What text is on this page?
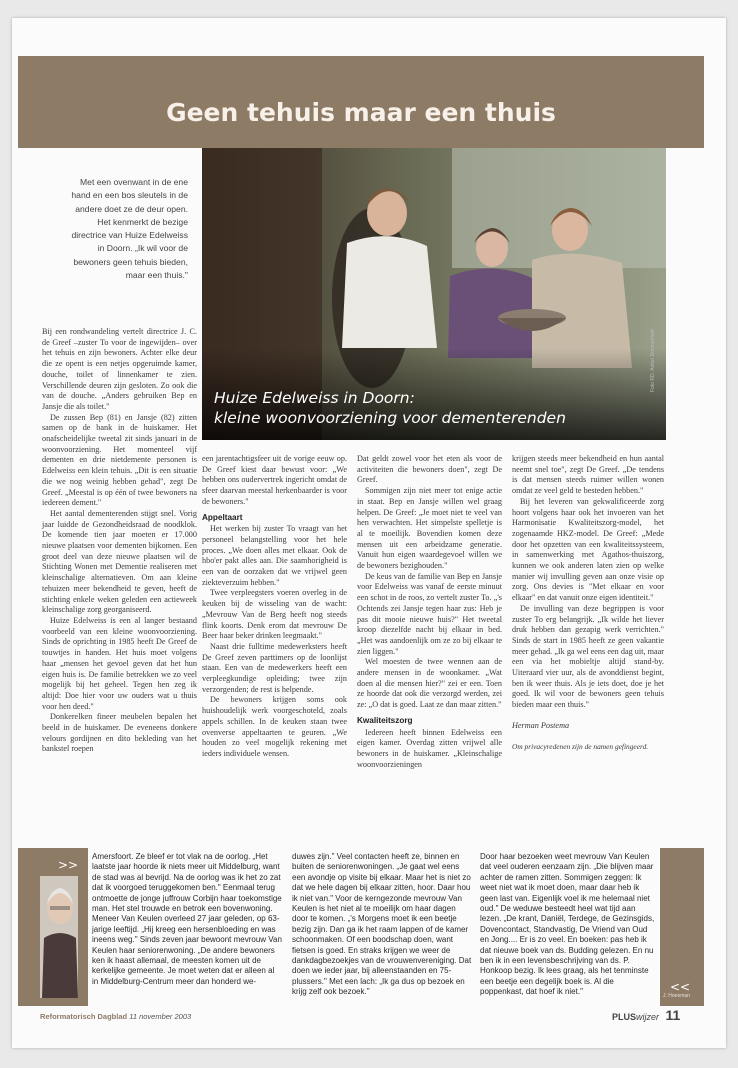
Geen tehuis maar een thuis

Huize Edelweiss in Doorn:
kleine woonvoorziening voor dementerenden

Foto RD, Anton Dommerholt

Met een ovenwant in de ene hand en een bos sleutels in de andere doet ze de deur open. Het kenmerkt de bezige directrice van Huize Edelweiss in Doorn. „Ik wil voor de bewoners geen tehuis bieden, maar een thuis."

Bij een rondwandeling vertelt directrice J. C. de Greef –zuster To voor de ingewijden– over het tehuis en zijn bewoners. Achter elke deur die ze opent is een netjes opgeruimde kamer, douche, toilet of linnenkamer te zien. Verschillende deuren zijn gesloten. Zo ook die van de douche. „Anders gebruiken Bep en Jansje die als toilet."

De zussen Bep (81) en Jansje (82) zitten samen op de bank in de huiskamer. Het onafscheidelijke tweetal zit sinds januari in de woonvoorziening. Het momenteel vijf dementen en drie nietdemente personen is Edelweiss een klein tehuis. „Dit is een situatie die we nog weinig hebben gehad", zegt De Greef. „Meestal is op één of twee bewoners na iedereen dement."

Het aantal dementerenden stijgt snel. Vorig jaar luidde de Gezondheidsraad de noodklok. De komende tien jaar moeten er 17.000 nieuwe plaatsen voor dementen bijkomen. Een groot deel van deze nieuwe plaatsen wil de Stichting Wonen met Dementie realiseren met kleinschalige alternatieven. Om aan kleine tehuizen meer bekendheid te geven, heeft de stichting enkele weken geleden een actieweek kleinschalige zorg georganiseerd.

Huize Edelweiss is een al langer bestaand voorbeeld van een kleine woonvoorziening. Sinds de oprichting in 1985 heeft De Greef de touwtjes in handen. Het huis moet volgens haar „mensen het gevoel geven dat het hun eigen huis is. De familie betrekken we zo veel mogelijk bij het geheel. Tegen hen zeg ik altijd: Doe hier voor uw ouders wat u thuis voor hen deed."

Donkerelken fineer meubelen bepalen het beeld in de huiskamer. De eveneens donkere velours gordijnen en dito bekleding van het bankstel roepen

een jarentachtigsfeer uit de vorige eeuw op. De Greef kiest daar bewust voor: „We hebben ons oudervertrek ingericht omdat de sfeer daarvan meestal herkenbaarder is voor de bewoners."

Appeltaart

Het werken bij zuster To vraagt van het personeel belangstelling voor het hele proces. „We doen alles met elkaar. Ook de hbo'er pakt alles aan. Die saamhorigheid is een van de oorzaken dat we vrijwel geen ziekteverzuim hebben."

Twee verpleegsters voeren overleg in de keuken bij de wisseling van de wacht: „Mevrouw Van de Berg heeft nog steeds flink koorts. Denk erom dat mevrouw De Beer haar beker drinken leegmaakt."

Naast drie fulltime medewerksters heeft De Greef zeven parttimers op de loonlijst staan. Een van de medewerkers heeft een verpleegkundige opleiding; twee zijn verzorgenden; de rest is helpende.

De bewoners krijgen soms ook huishoudelijk werk voorgeschoteld, zoals appels schillen. In de keuken staan twee ovenverse appeltaarten te geuren. „We houden zo veel mogelijk rekening met ieders individuele wensen.

Dat geldt zowel voor het eten als voor de activiteiten die bewoners doen", zegt De Greef.

Sommigen zijn niet meer tot enige actie in staat. Bep en Jansje willen wel graag helpen. De Greef: „Je moet niet te veel van hen verwachten. Het simpelste spelletje is al te moeilijk. Bovendien komen deze mensen uit een arbeidzame generatie. Vanuit hun eigen waardegevoel willen we de bewoners bezighouden."

De keus van de familie van Bep en Jansje voor Edelweiss was vanaf de eerste minuut een schot in de roos, zo vertelt zuster To. „'s Ochtends zei Jansje tegen haar zus: Heb je pas dit mooie nieuwe huis?" Het tweetal kroop diezelfde nacht bij elkaar in bed. „Het was aandoenlijk om ze zo bij elkaar te zien liggen."

Wel moesten de twee wennen aan de andere mensen in de woonkamer. „Wat doen al die mensen hier?" zei er een. Toen ze hoorde dat ook die verzorgd werden, zei ze: „O dat is goed. Laat ze dan maar zitten."

Kwaliteitszorg

Iedereen heeft binnen Edelweiss een eigen kamer. Overdag zitten vrijwel alle bewoners in de huiskamer. „Kleinschalige woonvoorzieningen

krijgen steeds meer bekendheid en hun aantal neemt snel toe", zegt De Greef. „De tendens is dat mensen steeds ruimer willen wonen omdat ze veel geld te besteden hebben."

Bij het leveren van gekwalificeerde zorg hoort volgens haar ook het invoeren van het Harmonisatie Kwaliteitszorg-model, het zogenaamde HKZ-model. De Greef: „Mede door het opzetten van een kwaliteitssysteem, in samenwerking met Agathos-thuiszorg, kunnen we ook anderen laten zien op welke manier wij invulling geven aan onze visie op zorg. Ons devies is "Met elkaar en voor elkaar" en dat vanuit onze eigen identiteit."

De invulling van deze begrippen is voor zuster To erg belangrijk. „Ik wilde het liever druk hebben dan gezapig werk verrichten." Sinds de start in 1985 heeft ze geen vakantie meer gehad. „Ik ga wel eens een dag uit, maar een via het mobieltje altijd stand-by. Uiteraard vier uur, als de avonddienst begint, ben ik weer thuis. Als je iets doet, doe je het goed. Ik wil voor de bewoners geen tehuis bieden maar een thuis."

Herman Postema

Om privacyredenen zijn de namen gefingeerd.

>>

Amersfoort. Ze bleef er tot vlak na de oorlog. „Het laatste jaar hoorde ik niets meer uit Middelburg, want de stad was al bevrijd. Na de oorlog was ik het zo zat dat ik voorgoed teruggekomen ben." Eenmaal terug ontmoette de jonge juffrouw Corbijn haar toekomstige man. Het stel trouwde en betrok een bovenwoning. Meneer Van Keulen overleed 27 jaar geleden, op 63-jarige leeftijd. „Hij kreeg een hersenbloeding en was ineens weg." Sinds zeven jaar bewoont mevrouw Van Keulen haar seniorenwoning. „De andere bewoners ken ik haast allemaal, de meesten komen uit de kerkelijke gemeente. Je moet weten dat er alleen al in Middelburg-Centrum meer dan honderd we-

duwes zijn." Veel contacten heeft ze, binnen en buiten de seniorenwoningen. „Je gaat wel eens een avondje op visite bij elkaar. Maar het is niet zo dat we hele dagen bij elkaar zitten, hoor. Daar hou ik niet van." Voor de kerngezonde mevrouw Van Keulen is het niet al te moeilijk om haar dagen door te komen. „'s Morgens moet ik een beetje bezig zijn. Dan ga ik het raam lappen of de kamer schoonmaken. Of een boodschap doen, want fietsen is goed. En straks krijgen we weer de dankdagbezoekjes van de vrouwenvereniging. Dat doen we ieder jaar, bij alleenstaanden en 75-plussers." Met een lach: „Ik ga dus op bezoek en krijg zelf ook bezoek."

Door haar bezoeken weet mevrouw Van Keulen dat veel ouderen eenzaam zijn. „Die blijven maar achter de ramen zitten. Sommigen zeggen: Ik weet niet wat ik moet doen, maar daar heb ik geen last van. Eigenlijk voel ik me helemaal niet oud." De weduwe besteedt heel wat tijd aan lezen. „De krant, Daniël, Terdege, de Gezinsgids, Dovencontact, Standvastig, De Vriend van Oud en Jong.... Er is zo veel. En boeken: pas heb ik dat nieuwe boek van ds. Budding gelezen. En nu ben ik in een levensbeschrijving van ds. P. Honkoop bezig. Ik lees graag, als het tenminste een beetje een degelijk boek is. Al die poppenkast, dat hoef ik niet."	<<
J. Hoeeman
Reformatorisch Dagblad 11 november 2003	PLUSwijzer 11
